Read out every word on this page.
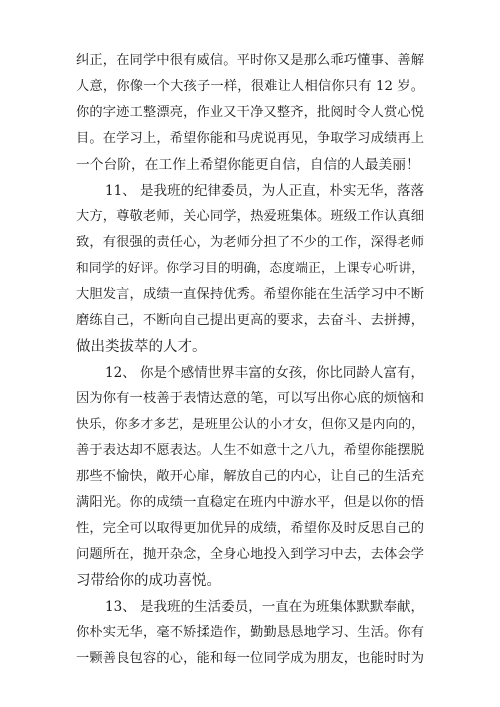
纠正，在同学中很有威信。平时你又是那么乖巧懂事、善解
人意，你像一个大孩子一样，很难让人相信你只有 12 岁。
你的字迹工整漂亮，作业又干净又整齐，批阅时令人赏心悦
目。在学习上，希望你能和马虎说再见，争取学习成绩再上
一个台阶，在工作上希望你能更自信，自信的人最美丽！
11、 是我班的纪律委员，为人正直，朴实无华，落落
大方，尊敬老师，关心同学，热爱班集体。班级工作认真细
致，有很强的责任心，为老师分担了不少的工作，深得老师
和同学的好评。你学习目的明确，态度端正，上课专心听讲，
大胆发言，成绩一直保持优秀。希望你能在生活学习中不断
磨练自己，不断向自己提出更高的要求，去奋斗、去拼搏，
做出类拔萃的人才。
12、 你是个感情世界丰富的女孩，你比同龄人富有，
因为你有一枝善于表情达意的笔，可以写出你心底的烦恼和
快乐，你多才多艺，是班里公认的小才女，但你又是内向的，
善于表达却不愿表达。人生不如意十之八九，希望你能摆脱
那些不愉快，敞开心扉，解放自己的内心，让自己的生活充
满阳光。你的成绩一直稳定在班内中游水平，但是以你的悟
性，完全可以取得更加优异的成绩，希望你及时反思自己的
问题所在，抛开杂念，全身心地投入到学习中去，去体会学
习带给你的成功喜悦。
13、 是我班的生活委员，一直在为班集体默默奉献，
你朴实无华，毫不矫揉造作，勤勤恳恳地学习、生活。你有
一颗善良包容的心，能和每一位同学成为朋友，也能时时为
